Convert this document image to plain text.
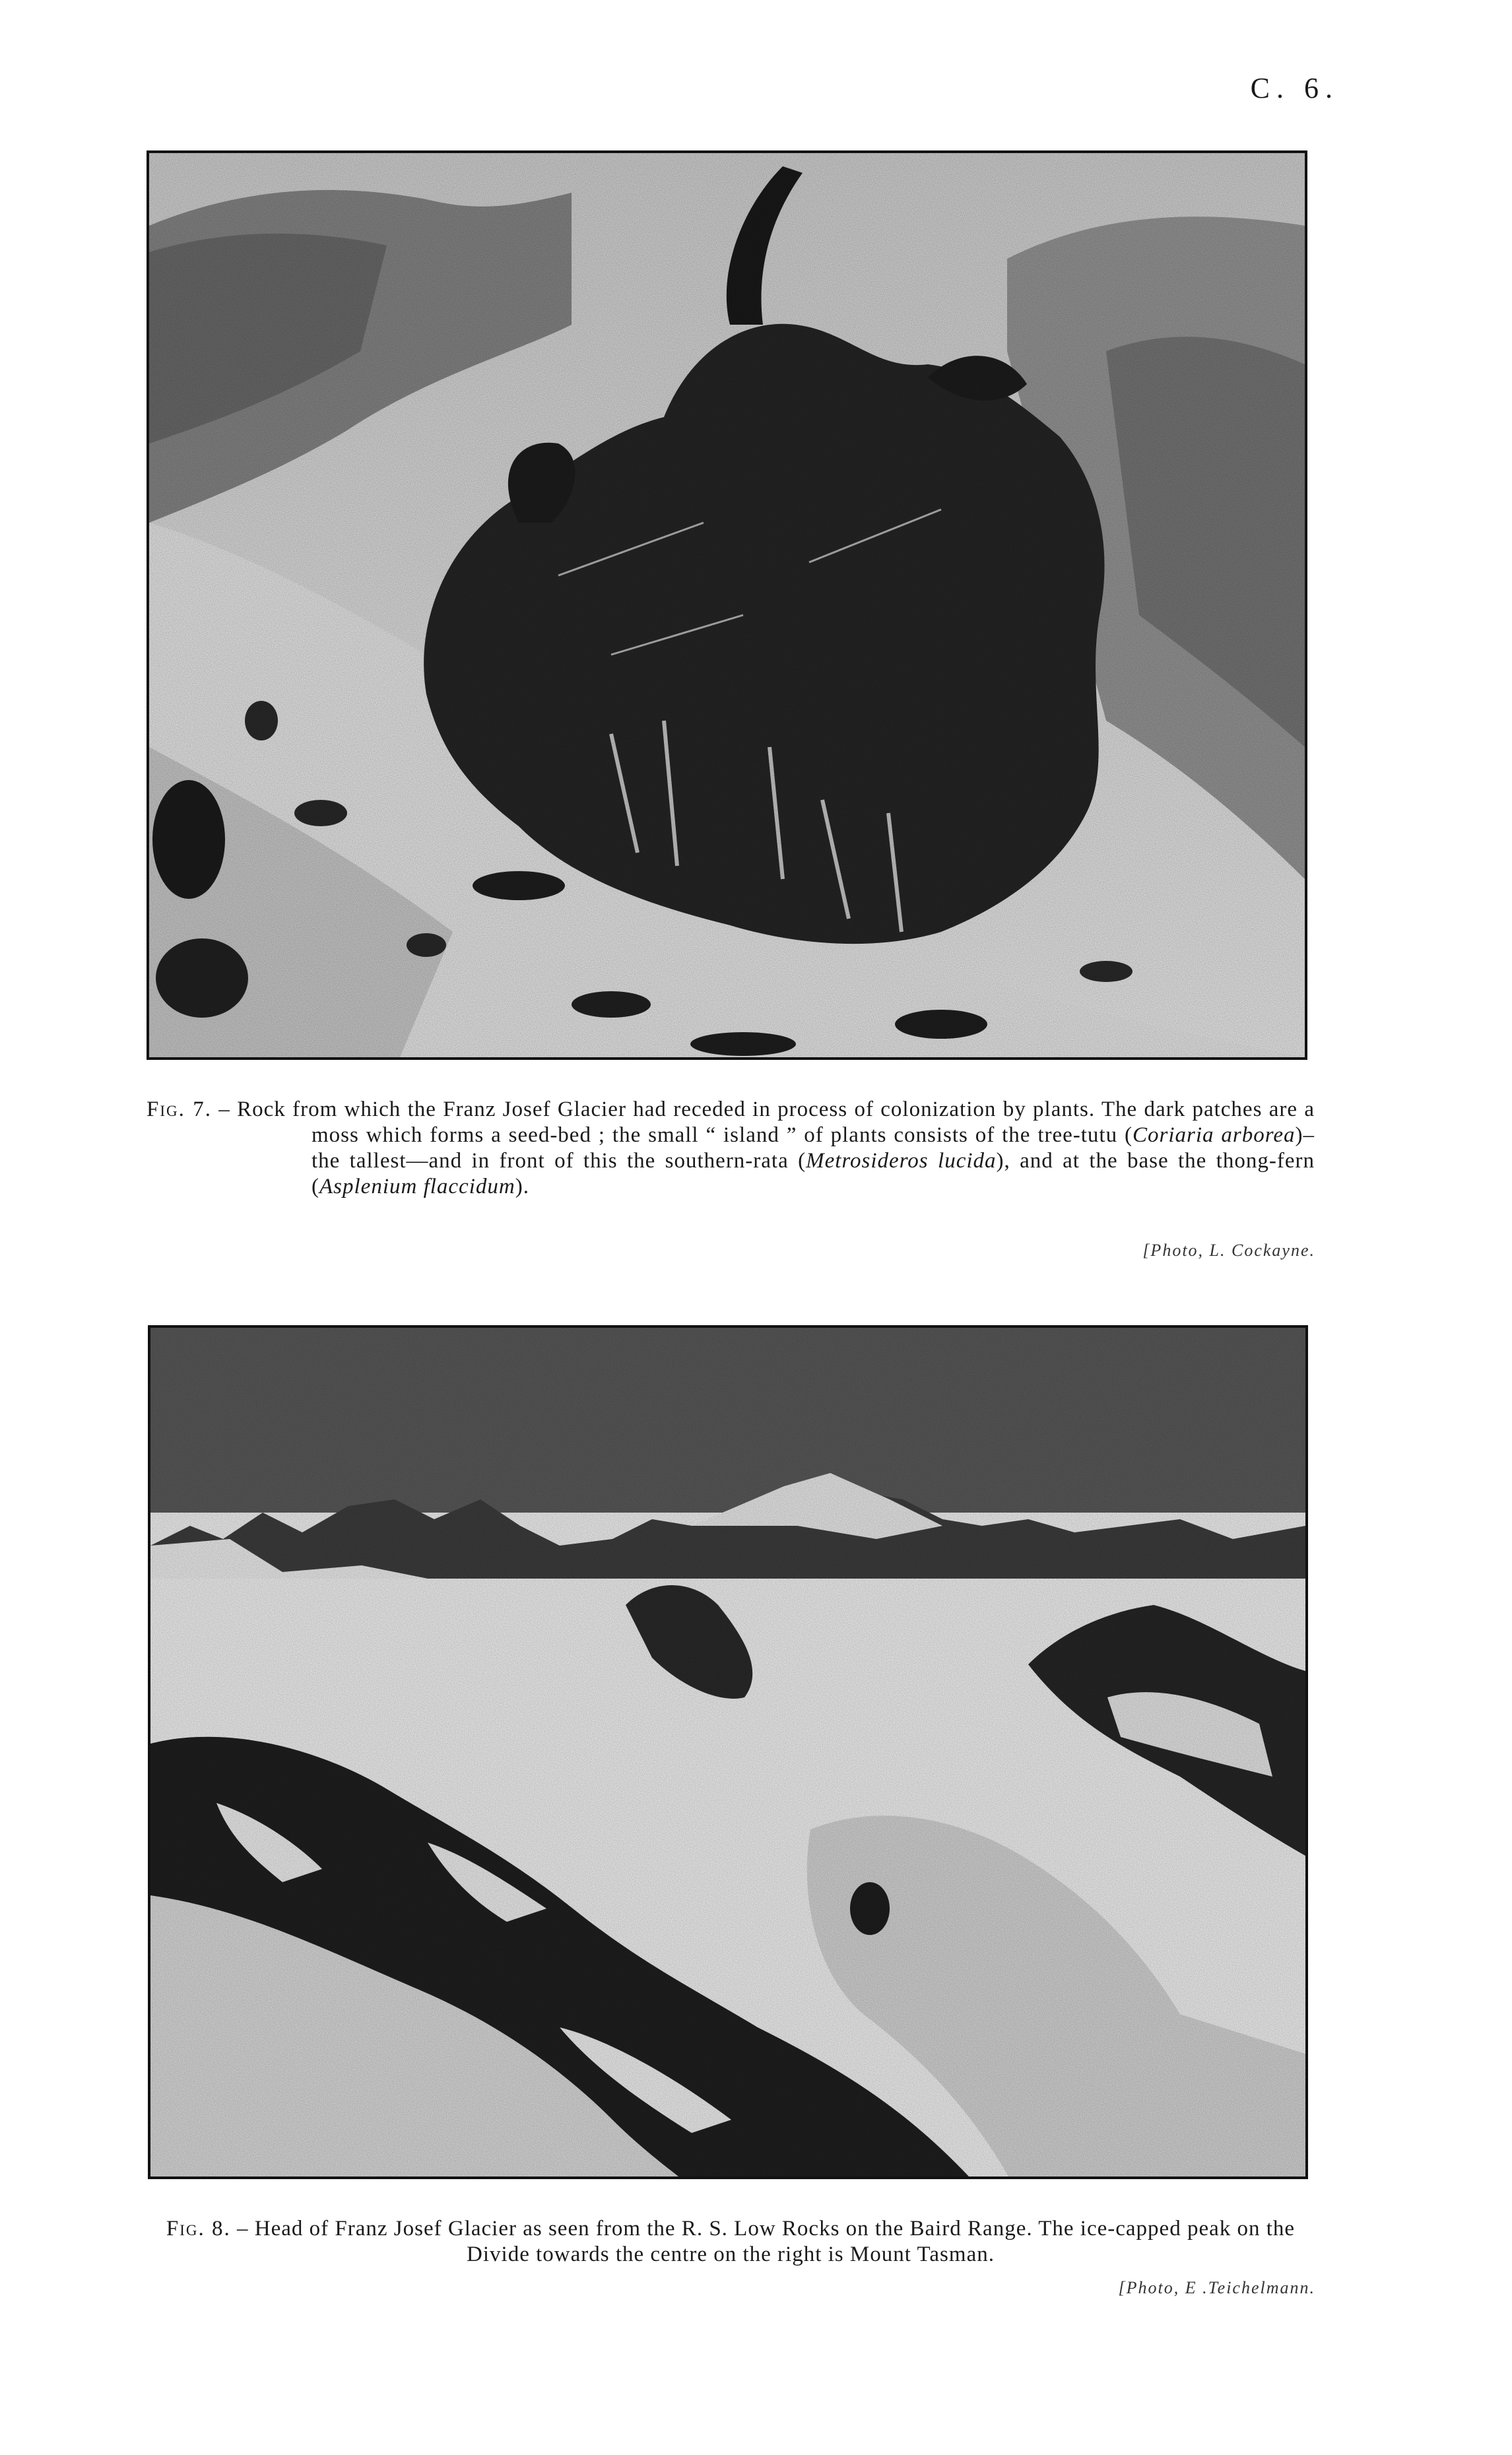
C. 6.
Fig. 7. – Rock from which the Franz Josef Glacier had receded in process of colonization by plants. The dark patches are a moss which forms a seed-bed ; the small “ island ” of plants consists of the tree-tutu (Coriaria arborea)– the tallest—and in front of this the southern-rata (Metrosideros lucida), and at the base the thong-fern (Asplenium flaccidum).
[Photo, L. Cockayne.
Fig. 8. – Head of Franz Josef Glacier as seen from the R. S. Low Rocks on the Baird Range. The ice-capped peak on the Divide towards the centre on the right is Mount Tasman.
[Photo, E .Teichelmann.
